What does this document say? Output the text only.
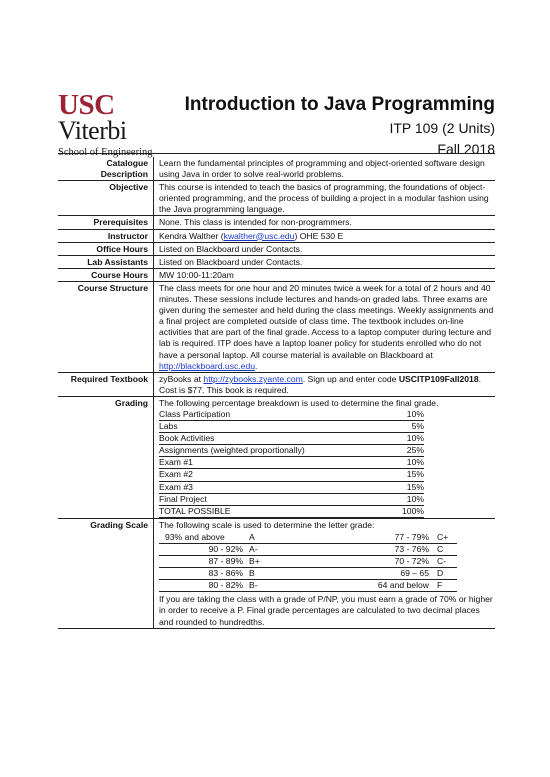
USC
Viterbi
School of Engineering
Introduction to Java Programming
ITP 109 (2 Units)
Fall 2018
Catalogue
Description	Learn the fundamental principles of programming and object-oriented software design using Java in order to solve real-world problems.
Objective	This course is intended to teach the basics of programming, the foundations of object-oriented programming, and the process of building a project in a modular fashion using the Java programming language.
Prerequisites	None. This class is intended for non-programmers.
Instructor	Kendra Walther (kwalther@usc.edu) OHE 530 E
Office Hours	Listed on Blackboard under Contacts.
Lab Assistants	Listed on Blackboard under Contacts.
Course Hours	MW 10:00-11:20am
Course Structure	The class meets for one hour and 20 minutes twice a week for a total of 2 hours and 40 minutes. These sessions include lectures and hands-on graded labs. Three exams are given during the semester and held during the class meetings. Weekly assignments and a final project are completed outside of class time. The textbook includes on-line activities that are part of the final grade. Access to a laptop computer during lecture and lab is required. ITP does have a laptop loaner policy for students enrolled who do not have a personal laptop. All course material is available on Blackboard at http://blackboard.usc.edu.
Required Textbook	zyBooks at http://zybooks.zyante.com. Sign up and enter code USCITP109Fall2018.
Cost is $77. This book is required.
Grading	The following percentage breakdown is used to determine the final grade.
Class Participation	10%
Labs	5%
Book Activities	10%
Assignments (weighted proportionally)	25%
Exam #1	10%
Exam #2	15%
Exam #3	15%
Final Project	10%
TOTAL POSSIBLE	100%

Grading Scale	The following scale is used to determine the letter grade:
93% and above	A	77 - 79%	C+
90 - 92%	A-	73 - 76%	C
87 - 89%	B+	70 - 72%	C-
83 - 86%	B	69 – 65	D
80 - 82%	B-	64 and below	F
If you are taking the class with a grade of P/NP, you must earn a grade of 70% or higher in order to receive a P. Final grade percentages are calculated to two decimal places and rounded to hundredths.
